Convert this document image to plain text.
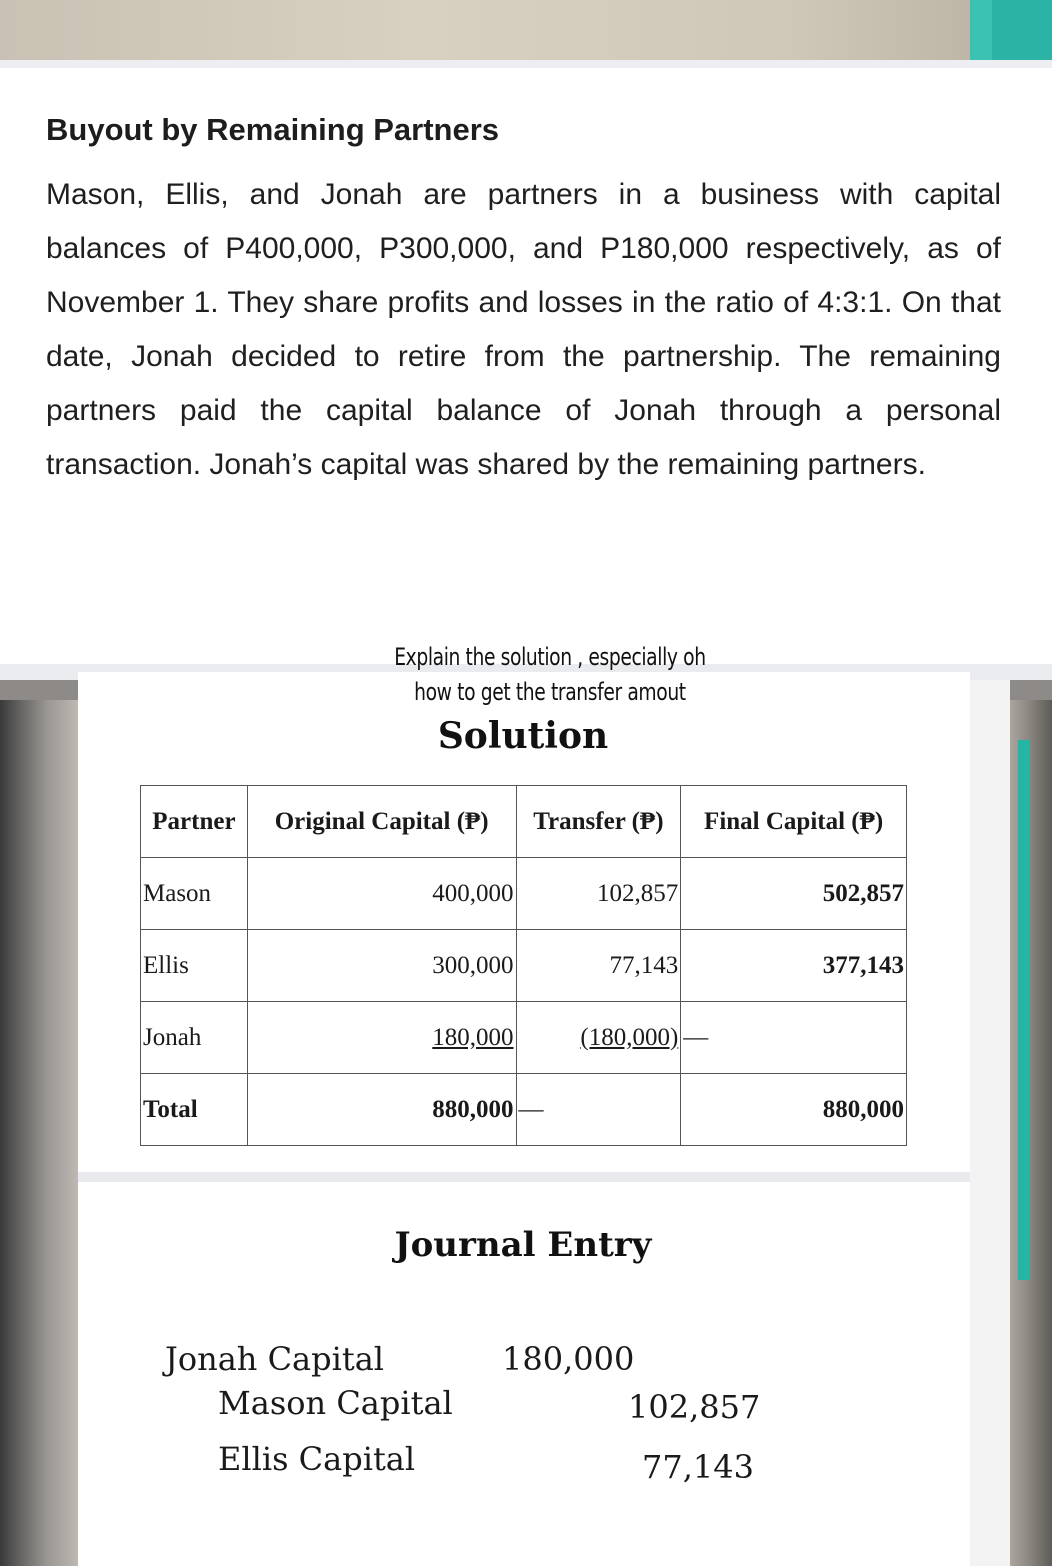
Buyout by Remaining Partners
Mason, Ellis, and Jonah are partners in a business with capital balances of P400,000, P300,000, and P180,000 respectively, as of November 1. They share profits and losses in the ratio of 4:3:1. On that date, Jonah decided to retire from the partnership. The remaining partners paid the capital balance of Jonah through a personal transaction. Jonah’s capital was shared by the remaining partners.
Explain the solution , especially oh
how to get the transfer amout
Solution
Partner	Original Capital (₱)	Transfer (₱)	Final Capital (₱)
Mason	400,000	102,857	502,857
Ellis	300,000	77,143	377,143
Jonah	180,000	(180,000)	—
Total	880,000	—	880,000
Journal Entry
Jonah Capital	180,000
Mason Capital	102,857
Ellis Capital	77,143
